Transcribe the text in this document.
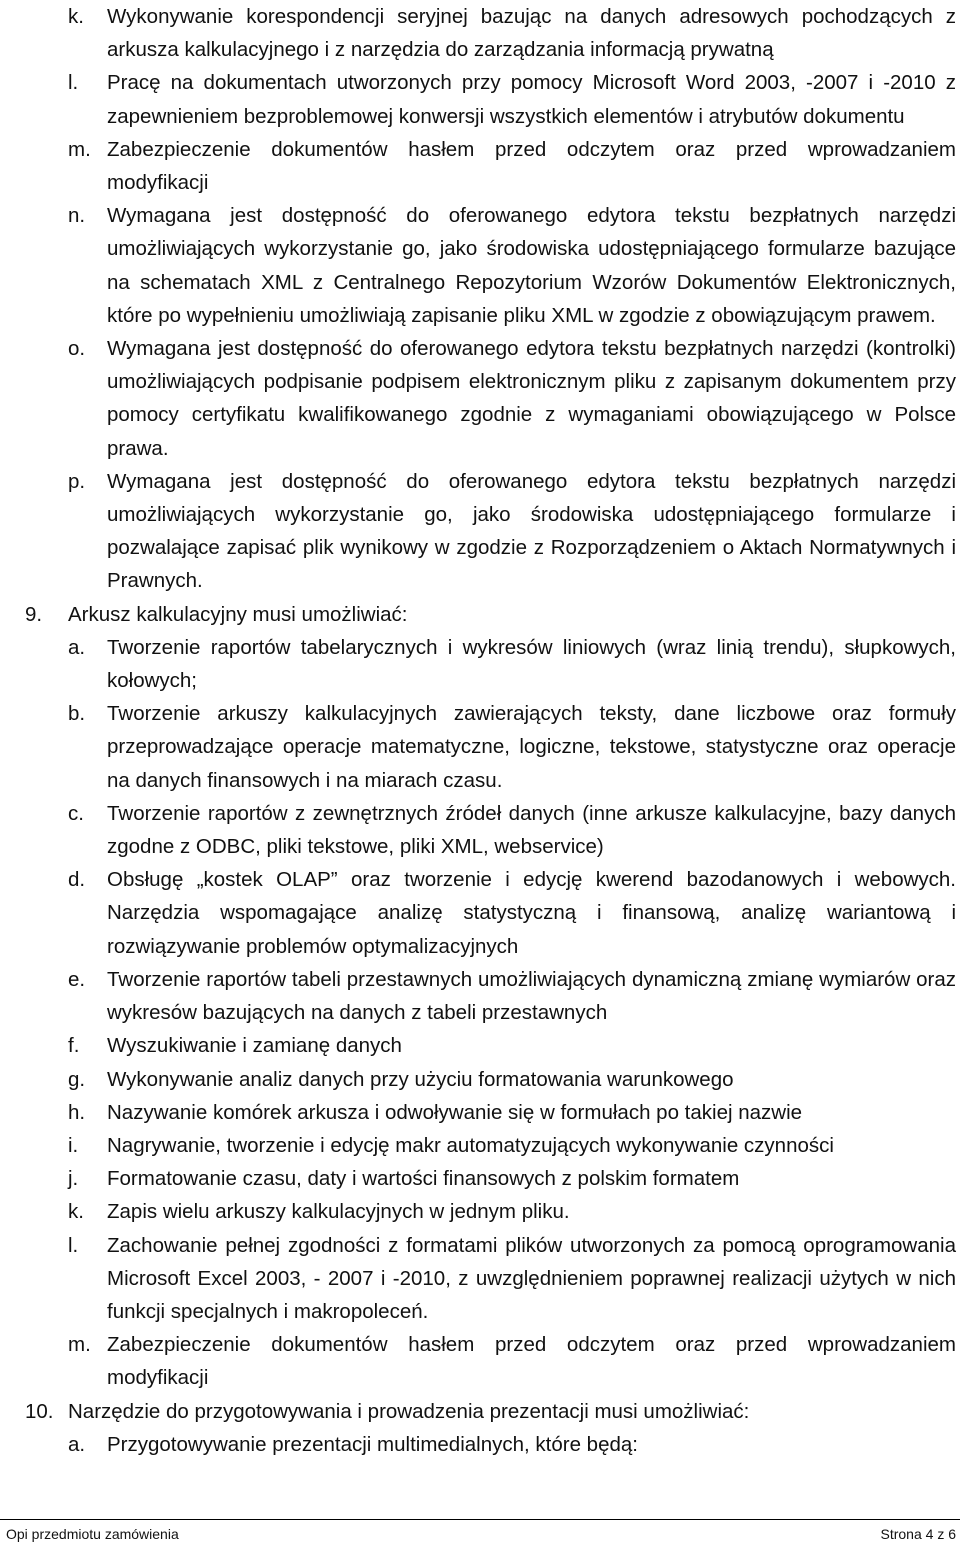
k. Wykonywanie korespondencji seryjnej bazując na danych adresowych pochodzących z arkusza kalkulacyjnego i z narzędzia do zarządzania informacją prywatną
l. Pracę na dokumentach utworzonych przy pomocy Microsoft Word 2003, -2007 i -2010 z zapewnieniem bezproblemowej konwersji wszystkich elementów i atrybutów dokumentu
m. Zabezpieczenie dokumentów hasłem przed odczytem oraz przed wprowadzaniem modyfikacji
n. Wymagana jest dostępność do oferowanego edytora tekstu bezpłatnych narzędzi umożliwiających wykorzystanie go, jako środowiska udostępniającego formularze bazujące na schematach XML z Centralnego Repozytorium Wzorów Dokumentów Elektronicznych, które po wypełnieniu umożliwiają zapisanie pliku XML w zgodzie z obowiązującym prawem.
o. Wymagana jest dostępność do oferowanego edytora tekstu bezpłatnych narzędzi (kontrolki) umożliwiających podpisanie podpisem elektronicznym pliku z zapisanym dokumentem przy pomocy certyfikatu kwalifikowanego zgodnie z wymaganiami obowiązującego w Polsce prawa.
p. Wymagana jest dostępność do oferowanego edytora tekstu bezpłatnych narzędzi umożliwiających wykorzystanie go, jako środowiska udostępniającego formularze i pozwalające zapisać plik wynikowy w zgodzie z Rozporządzeniem o Aktach Normatywnych i Prawnych.
9. Arkusz kalkulacyjny musi umożliwiać:
a. Tworzenie raportów tabelarycznych i wykresów liniowych (wraz linią trendu), słupkowych, kołowych;
b. Tworzenie arkuszy kalkulacyjnych zawierających teksty, dane liczbowe oraz formuły przeprowadzające operacje matematyczne, logiczne, tekstowe, statystyczne oraz operacje na danych finansowych i na miarach czasu.
c. Tworzenie raportów z zewnętrznych źródeł danych (inne arkusze kalkulacyjne, bazy danych zgodne z ODBC, pliki tekstowe, pliki XML, webservice)
d. Obsługę „kostek OLAP” oraz tworzenie i edycję kwerend bazodanowych i webowych. Narzędzia wspomagające analizę statystyczną i finansową, analizę wariantową i rozwiązywanie problemów optymalizacyjnych
e. Tworzenie raportów tabeli przestawnych umożliwiających dynamiczną zmianę wymiarów oraz wykresów bazujących na danych z tabeli przestawnych
f. Wyszukiwanie i zamianę danych
g. Wykonywanie analiz danych przy użyciu formatowania warunkowego
h. Nazywanie komórek arkusza i odwoływanie się w formułach po takiej nazwie
i. Nagrywanie, tworzenie i edycję makr automatyzujących wykonywanie czynności
j. Formatowanie czasu, daty i wartości finansowych z polskim formatem
k. Zapis wielu arkuszy kalkulacyjnych w jednym pliku.
l. Zachowanie pełnej zgodności z formatami plików utworzonych za pomocą oprogramowania Microsoft Excel 2003, - 2007 i -2010, z uwzględnieniem poprawnej realizacji użytych w nich funkcji specjalnych i makropoleceń.
m. Zabezpieczenie dokumentów hasłem przed odczytem oraz przed wprowadzaniem modyfikacji
10. Narzędzie do przygotowywania i prowadzenia prezentacji musi umożliwiać:
a. Przygotowywanie prezentacji multimedialnych, które będą:
Opi przedmiotu zamówienia	Strona 4 z 6
